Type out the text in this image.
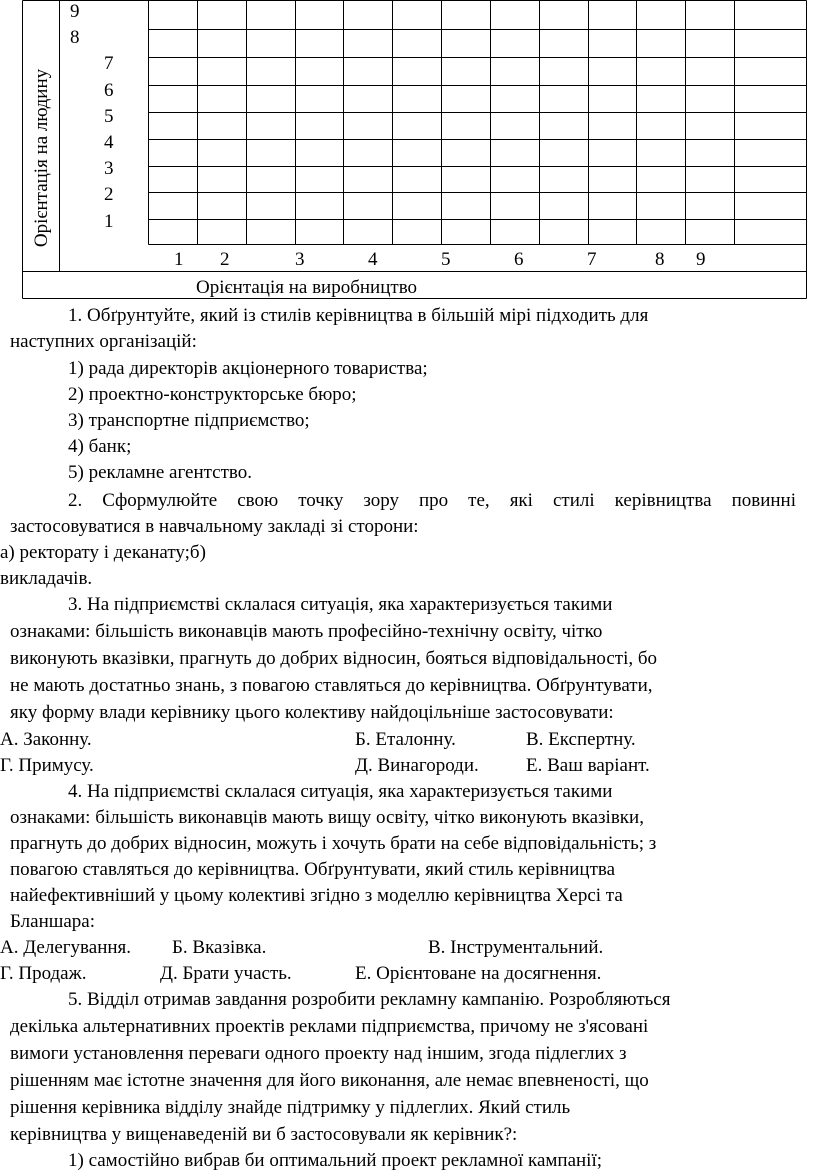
Орієнтація на людину
9
8
7
6
5
4
3
2
1
1 2	3	4	5	6	7	8 9
Орієнтація на виробництво
1. Обґрунтуйте, який із стилів керівництва в більшій мірі підходить для
наступних організацій:
1) рада директорів акціонерного товариства;
2) проектно-конструкторське бюро;
3) транспортне підприємство;
4) банк;
5) рекламне агентство.
2. Сформулюйте свою точку зору про те, які стилі керівництва повинні
застосовуватися в навчальному закладі зі сторони:
а) ректорату і деканату;б)
викладачів.
3. На підприємстві склалася ситуація, яка характеризується такими
ознаками: більшість виконавців мають професійно-технічну освіту, чітко
виконують вказівки, прагнуть до добрих відносин, бояться відповідальності, бо
не мають достатньо знань, з повагою ставляться до керівництва. Обґрунтувати,
яку форму влади керівнику цього колективу найдоцільніше застосовувати:
А. Законну.	Б. Еталонну.	В. Експертну.
Г. Примусу.	Д. Винагороди. Е. Ваш варіант.
4. На підприємстві склалася ситуація, яка характеризується такими
ознаками: більшість виконавців мають вищу освіту, чітко виконують вказівки,
прагнуть до добрих відносин, можуть і хочуть брати на себе відповідальність; з
повагою ставляться до керівництва. Обґрунтувати, який стиль керівництва
найефективніший у цьому колективі згідно з моделлю керівництва Херсі та
Бланшара:
А. Делегування. Б. Вказівка.	В. Інструментальний.
Г. Продаж.	Д. Брати участь.	Е. Орієнтоване на досягнення.
5. Відділ отримав завдання розробити рекламну кампанію. Розробляються
декілька альтернативних проектів реклами підприємства, причому не з'ясовані
вимоги установлення переваги одного проекту над іншим, згода підлеглих з
рішенням має істотне значення для його виконання, але немає впевненості, що
рішення керівника відділу знайде підтримку у підлеглих. Який стиль
керівництва у вищенаведеній ви б застосовували як керівник?:
1) самостійно вибрав би оптимальний проект рекламної кампанії;
